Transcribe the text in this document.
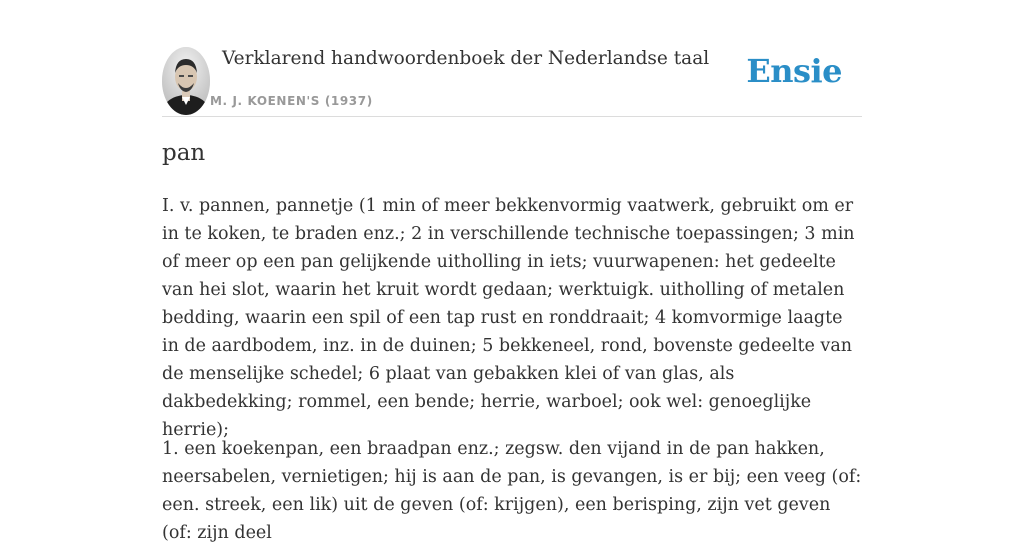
Verklarend handwoordenboek der Nederlandse taal
M. J. KOENEN'S (1937)
Ensie
pan

I. v. pannen, pannetje (1 min of meer bekkenvormig vaatwerk, gebruikt om er in te koken, te braden enz.; 2 in verschillende technische toepassingen; 3 min of meer op een pan gelijkende uitholling in iets; vuurwapenen: het gedeelte van hei slot, waarin het kruit wordt gedaan; werktuigk. uitholling of metalen bedding, waarin een spil of een tap rust en ronddraait; 4 komvormige laagte in de aardbodem, inz. in de duinen; 5 bekkeneel, rond, bovenste gedeelte van de menselijke schedel; 6 plaat van gebakken klei of van glas, als dakbedekking; rommel, een bende; herrie, warboel; ook wel: genoeglijke herrie);

1. een koekenpan, een braadpan enz.; zegsw. den vijand in de pan hakken, neersabelen, vernietigen; hij is aan de pan, is gevangen, is er bij; een veeg (of: een. streek, een lik) uit de geven (of: krijgen), een berisping, zijn vet geven (of: zijn deel
